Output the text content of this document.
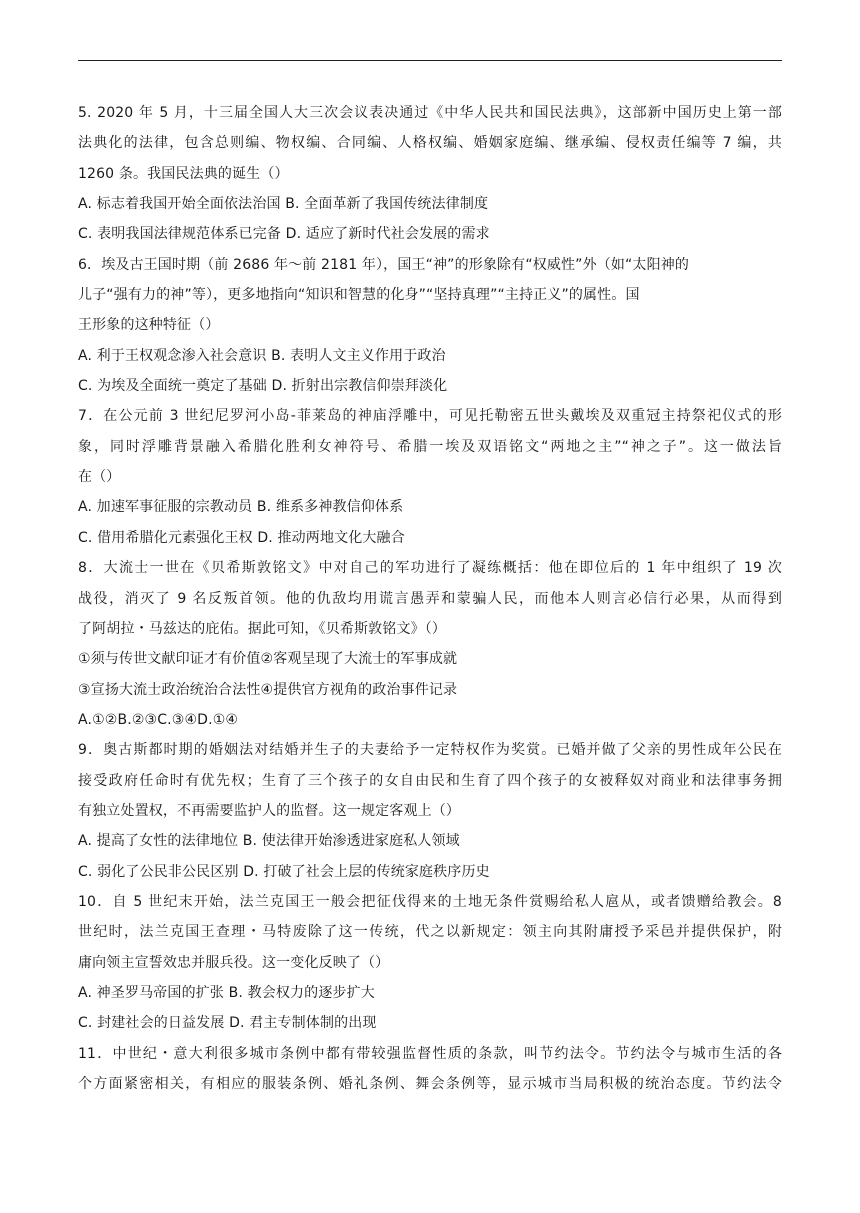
5. 2020 年 5 月，十三届全国人大三次会议表决通过《中华人民共和国民法典》，这部新中国历史上第一部
法典化的法律，包含总则编、物权编、合同编、人格权编、婚姻家庭编、继承编、侵权责任编等 7 编，共
1260 条。我国民法典的诞生（）
A. 标志着我国开始全面依法治国 B. 全面革新了我国传统法律制度
C. 表明我国法律规范体系已完备 D. 适应了新时代社会发展的需求
6．埃及古王国时期（前 2686 年～前 2181 年），国王“神”的形象除有“权威性”外（如“太阳神的
儿子“强有力的神”等），更多地指向“知识和智慧的化身”“坚持真理”“主持正义”的属性。国
王形象的这种特征（）
A. 利于王权观念渗入社会意识 B. 表明人文主义作用于政治
C. 为埃及全面统一奠定了基础 D. 折射出宗教信仰崇拜淡化
7．在公元前 3 世纪尼罗河小岛-菲莱岛的神庙浮雕中，可见托勒密五世头戴埃及双重冠主持祭祀仪式的形
象，同时浮雕背景融入希腊化胜利女神符号、希腊一埃及双语铭文“两地之主”“神之子”。这一做法旨
在（）
A. 加速军事征服的宗教动员 B. 维系多神教信仰体系
C. 借用希腊化元素强化王权 D. 推动两地文化大融合
8．大流士一世在《贝希斯敦铭文》中对自己的军功进行了凝练概括：他在即位后的 1 年中组织了 19 次
战役，消灭了 9 名反叛首领。他的仇敌均用谎言愚弄和蒙骗人民，而他本人则言必信行必果，从而得到
了阿胡拉・马兹达的庇佑。据此可知，《贝希斯敦铭文》（）
①须与传世文献印证才有价值②客观呈现了大流士的军事成就
③宣扬大流士政治统治合法性④提供官方视角的政治事件记录
A.①②B.②③C.③④D.①④
9．奥古斯都时期的婚姻法对结婚并生子的夫妻给予一定特权作为奖赏。已婚并做了父亲的男性成年公民在
接受政府任命时有优先权；生育了三个孩子的女自由民和生育了四个孩子的女被释奴对商业和法律事务拥
有独立处置权，不再需要监护人的监督。这一规定客观上（）
A. 提高了女性的法律地位 B. 使法律开始渗透进家庭私人领域
C. 弱化了公民非公民区别 D. 打破了社会上层的传统家庭秩序历史
10．自 5 世纪末开始，法兰克国王一般会把征伐得来的土地无条件赏赐给私人扈从，或者馈赠给教会。8
世纪时，法兰克国王查理・马特废除了这一传统，代之以新规定：领主向其附庸授予采邑并提供保护，附
庸向领主宣誓效忠并服兵役。这一变化反映了（）
A. 神圣罗马帝国的扩张 B. 教会权力的逐步扩大
C. 封建社会的日益发展 D. 君主专制体制的出现
11．中世纪・意大利很多城市条例中都有带较强监督性质的条款，叫节约法令。节约法令与城市生活的各
个方面紧密相关，有相应的服装条例、婚礼条例、舞会条例等，显示城市当局积极的统治态度。节约法令
